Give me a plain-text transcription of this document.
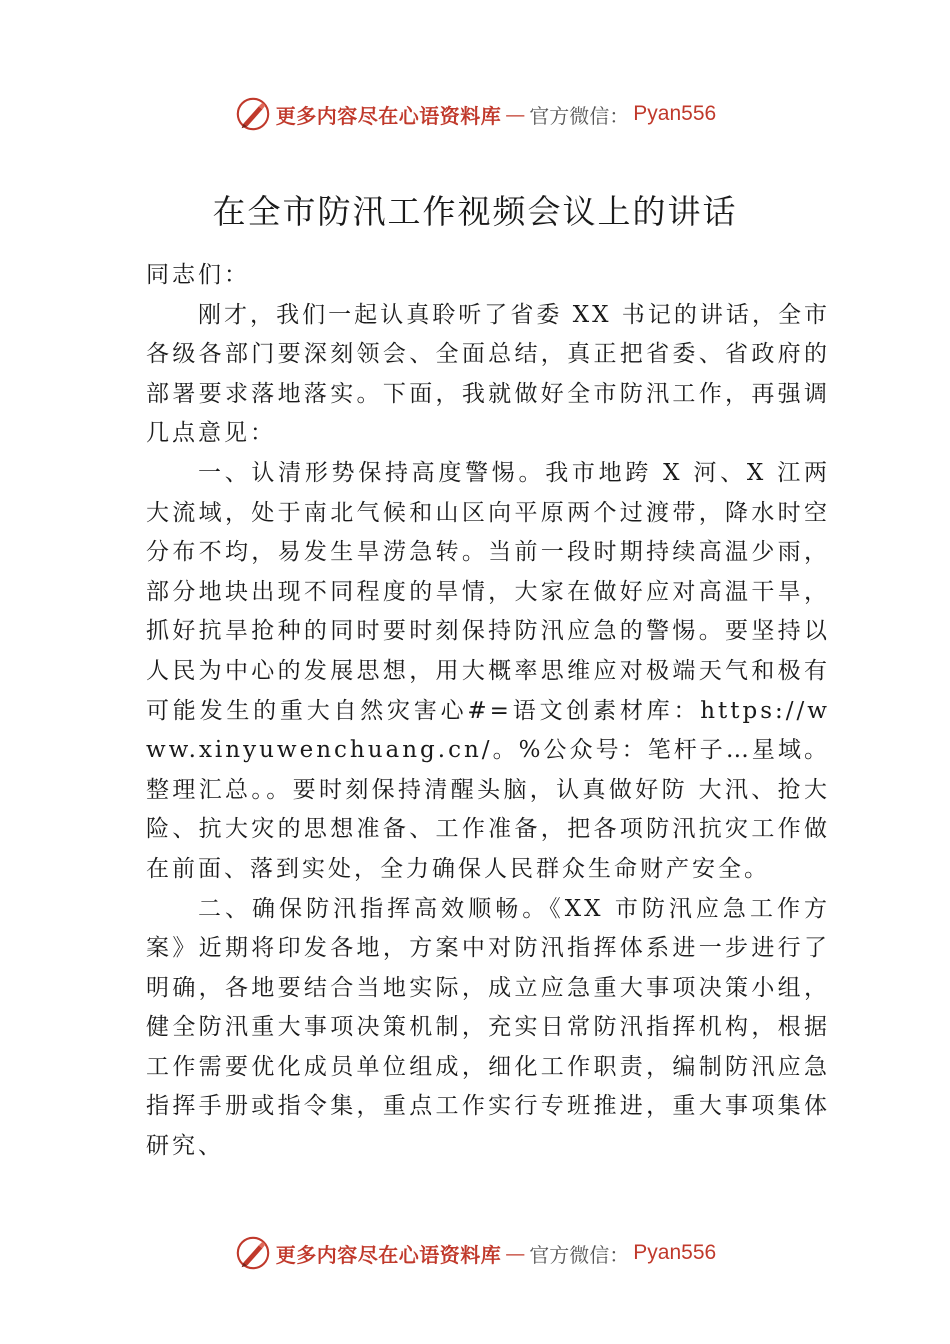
更多内容尽在心语资料库 — 官方微信： Pyan556
在全市防汛工作视频会议上的讲话

同志们：

刚才，我们一起认真聆听了省委 XX 书记的讲话，全市各级各部门要深刻领会、全面总结，真正把省委、省政府的部署要求落地落实。下面，我就做好全市防汛工作，再强调几点意见：

一、认清形势保持高度警惕。我市地跨 X 河、X 江两大流域，处于南北气候和山区向平原两个过渡带，降水时空分布不均，易发生旱涝急转。当前一段时期持续高温少雨，部分地块出现不同程度的旱情，大家在做好应对高温干旱，抓好抗旱抢种的同时要时刻保持防汛应急的警惕。要坚持以人民为中心的发展思想，用大概率思维应对极端天气和极有可能发生的重大自然灾害心#=语文创素材库：https://www.xinyuwenchuang.cn/。%公众号：笔杆子…星域。整理汇总。。要时刻保持清醒头脑，认真做好防 大汛、抢大险、抗大灾的思想准备、工作准备，把各项防汛抗灾工作做在前面、落到实处，全力确保人民群众生命财产安全。

二、确保防汛指挥高效顺畅。《XX 市防汛应急工作方案》近期将印发各地，方案中对防汛指挥体系进一步进行了明确，各地要结合当地实际，成立应急重大事项决策小组，健全防汛重大事项决策机制，充实日常防汛指挥机构，根据工作需要优化成员单位组成，细化工作职责，编制防汛应急指挥手册或指令集，重点工作实行专班推进，重大事项集体研究、

更多内容尽在心语资料库 — 官方微信： Pyan556
